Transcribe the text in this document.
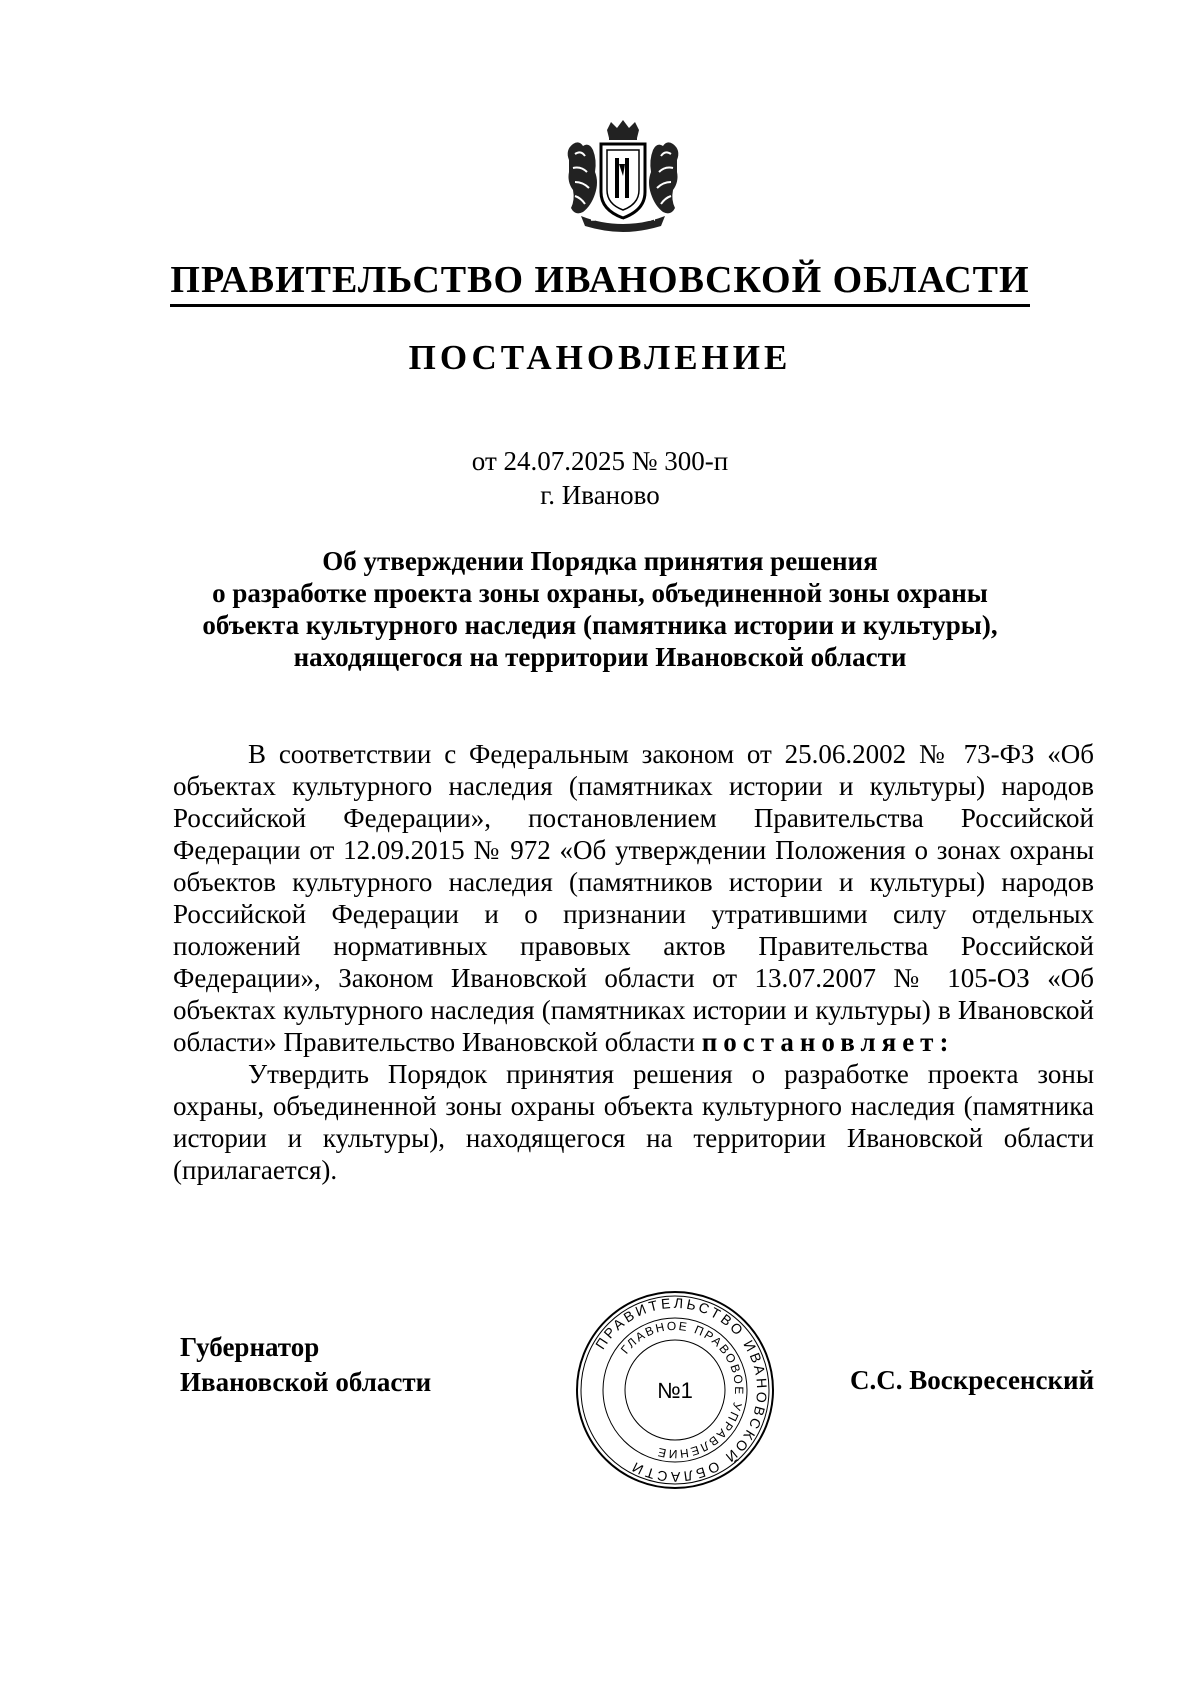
ПРАВИТЕЛЬСТВО ИВАНОВСКОЙ ОБЛАСТИ
ПОСТАНОВЛЕНИЕ
от 24.07.2025 № 300-п
г. Иваново
Об утверждении Порядка принятия решения
о разработке проекта зоны охраны, объединенной зоны охраны
объекта культурного наследия (памятника истории и культуры),
находящегося на территории Ивановской области

В соответствии с Федеральным законом от 25.06.2002 № 73-ФЗ «Об объектах культурного наследия (памятниках истории и культуры) народов Российской Федерации», постановлением Правительства Российской Федерации от 12.09.2015 № 972 «Об утверждении Положения о зонах охраны объектов культурного наследия (памятников истории и культуры) народов Российской Федерации и о признании утратившими силу отдельных положений нормативных правовых актов Правительства Российской Федерации», Законом Ивановской области от 13.07.2007 № 105-ОЗ «Об объектах культурного наследия (памятниках истории и культуры) в Ивановской области» Правительство Ивановской области постановляет:

Утвердить Порядок принятия решения о разработке проекта зоны охраны, объединенной зоны охраны объекта культурного наследия (памятника истории и культуры), находящегося на территории Ивановской области (прилагается).

Губернатор
Ивановской области
ПРАВИТЕЛЬСТВО ИВАНОВСКОЙ ОБЛАСТИ
ГЛАВНОЕ ПРАВОВОЕ УПРАВЛЕНИЕ
№1	С.С. Воскресенский
